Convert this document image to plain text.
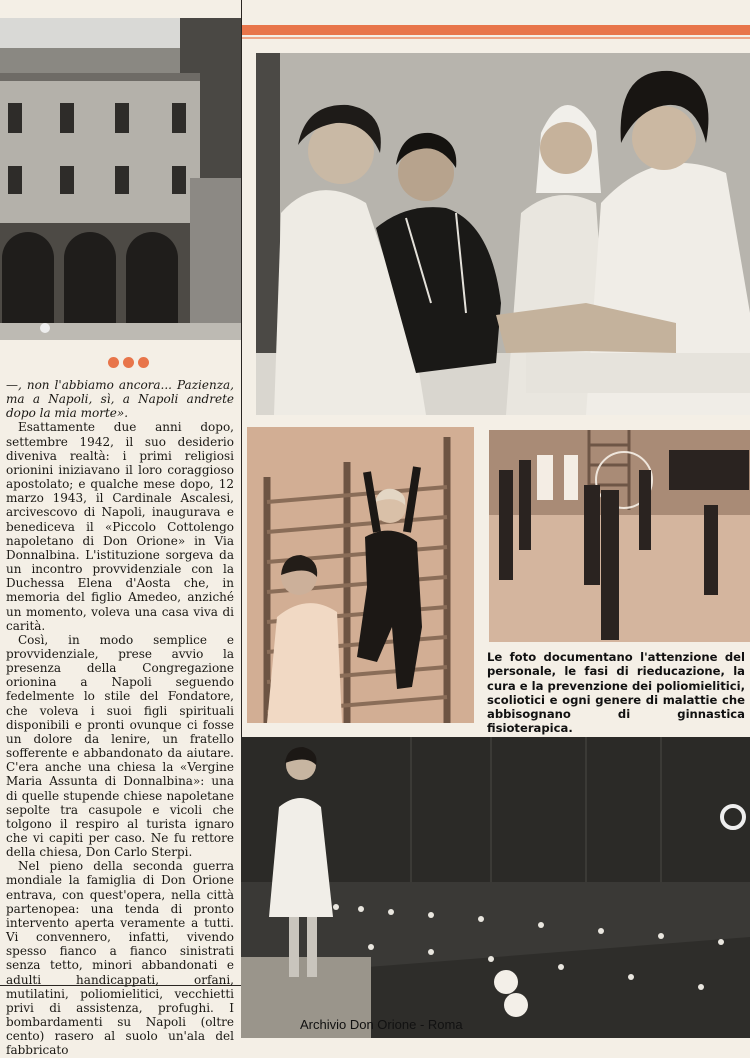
—, non l'abbiamo ancora... Pazienza, ma a Napoli, sì, a Napoli andrete dopo la mia morte».

Esattamente due anni dopo, settembre 1942, il suo desiderio diveniva realtà: i primi religiosi orionini iniziavano il loro coraggioso apostolato; e qualche mese dopo, 12 marzo 1943, il Cardinale Ascalesi, arcivescovo di Napoli, inaugurava e benediceva il «Piccolo Cottolengo napoletano di Don Orione» in Via Donnalbina. L'istituzione sorgeva da un incontro provvidenziale con la Duchessa Elena d'Aosta che, in memoria del figlio Amedeo, anziché un momento, voleva una casa viva di carità.

Così, in modo semplice e provvidenziale, prese avvio la presenza della Congregazione orionina a Napoli seguendo fedelmente lo stile del Fondatore, che voleva i suoi figli spirituali disponibili e pronti ovunque ci fosse un dolore da lenire, un fratello sofferente e abbandonato da aiutare. C'era anche una chiesa la «Vergine Maria Assunta di Donnalbina»: una di quelle stupende chiese napoletane sepolte tra casupole e vicoli che tolgono il respiro al turista ignaro che vi capiti per caso. Ne fu rettore della chiesa, Don Carlo Sterpi.

Nel pieno della seconda guerra mondiale la famiglia di Don Orione entrava, con quest'opera, nella città partenopea: una tenda di pronto intervento aperta veramente a tutti. Vi convennero, infatti, vivendo spesso fianco a fianco sinistrati senza tetto, minori abbandonati e adulti handicappati, orfani, mutilatini, poliomielitici, vecchietti privi di assistenza, profughi. I bombardamenti su Napoli (oltre cento) rasero al suolo un'ala del fabbricato

Le foto documentano l'attenzione del personale, le fasi di rieducazione, la cura e la prevenzione dei poliomielitici, scoliotici e ogni genere di malattie che abbisognano di ginnastica fisioterapica.
Archivio Don Orione - Roma
